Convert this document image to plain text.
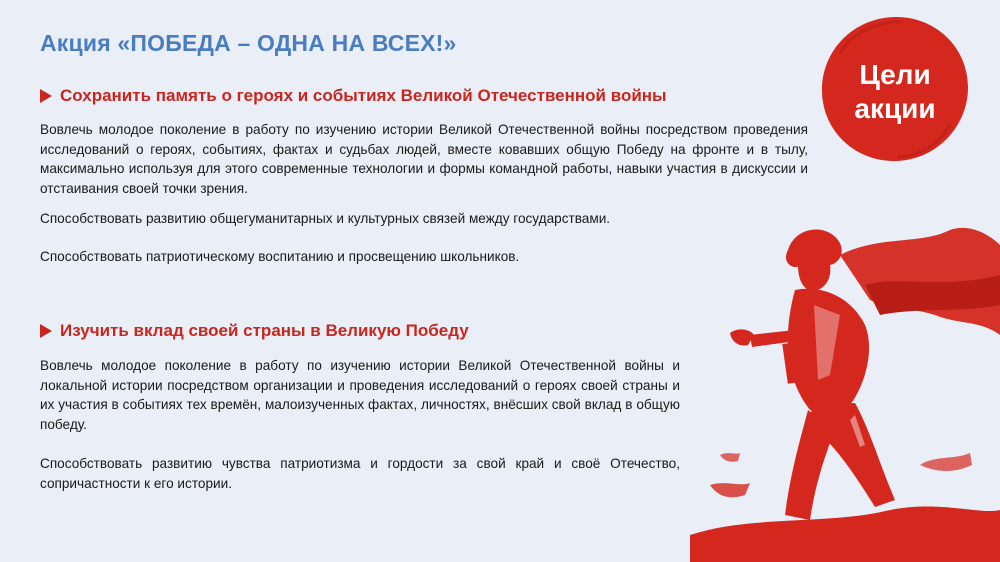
Акция «ПОБЕДА – ОДНА НА ВСЕХ!»
Цели
акции
Сохранить память о героях и событиях Великой Отечественной войны
Вовлечь молодое поколение в работу по изучению истории Великой Отечественной войны посредством проведения исследований о героях, событиях, фактах и судьбах людей, вместе ковавших общую Победу на фронте и в тылу, максимально используя для этого современные технологии и формы командной работы, навыки участия в дискуссии и отстаивания своей точки зрения.
Способствовать развитию общегуманитарных и культурных связей между государствами.
Способствовать патриотическому воспитанию и просвещению школьников.
Изучить вклад своей страны в Великую Победу
Вовлечь молодое поколение в работу по изучению истории Великой Отечественной войны и локальной истории посредством организации и проведения исследований о героях своей страны и их участия в событиях тех времён, малоизученных фактах, личностях, внёсших свой вклад в общую победу.
Способствовать развитию чувства патриотизма и гордости за свой край и своё Отечество, сопричастности к его истории.
